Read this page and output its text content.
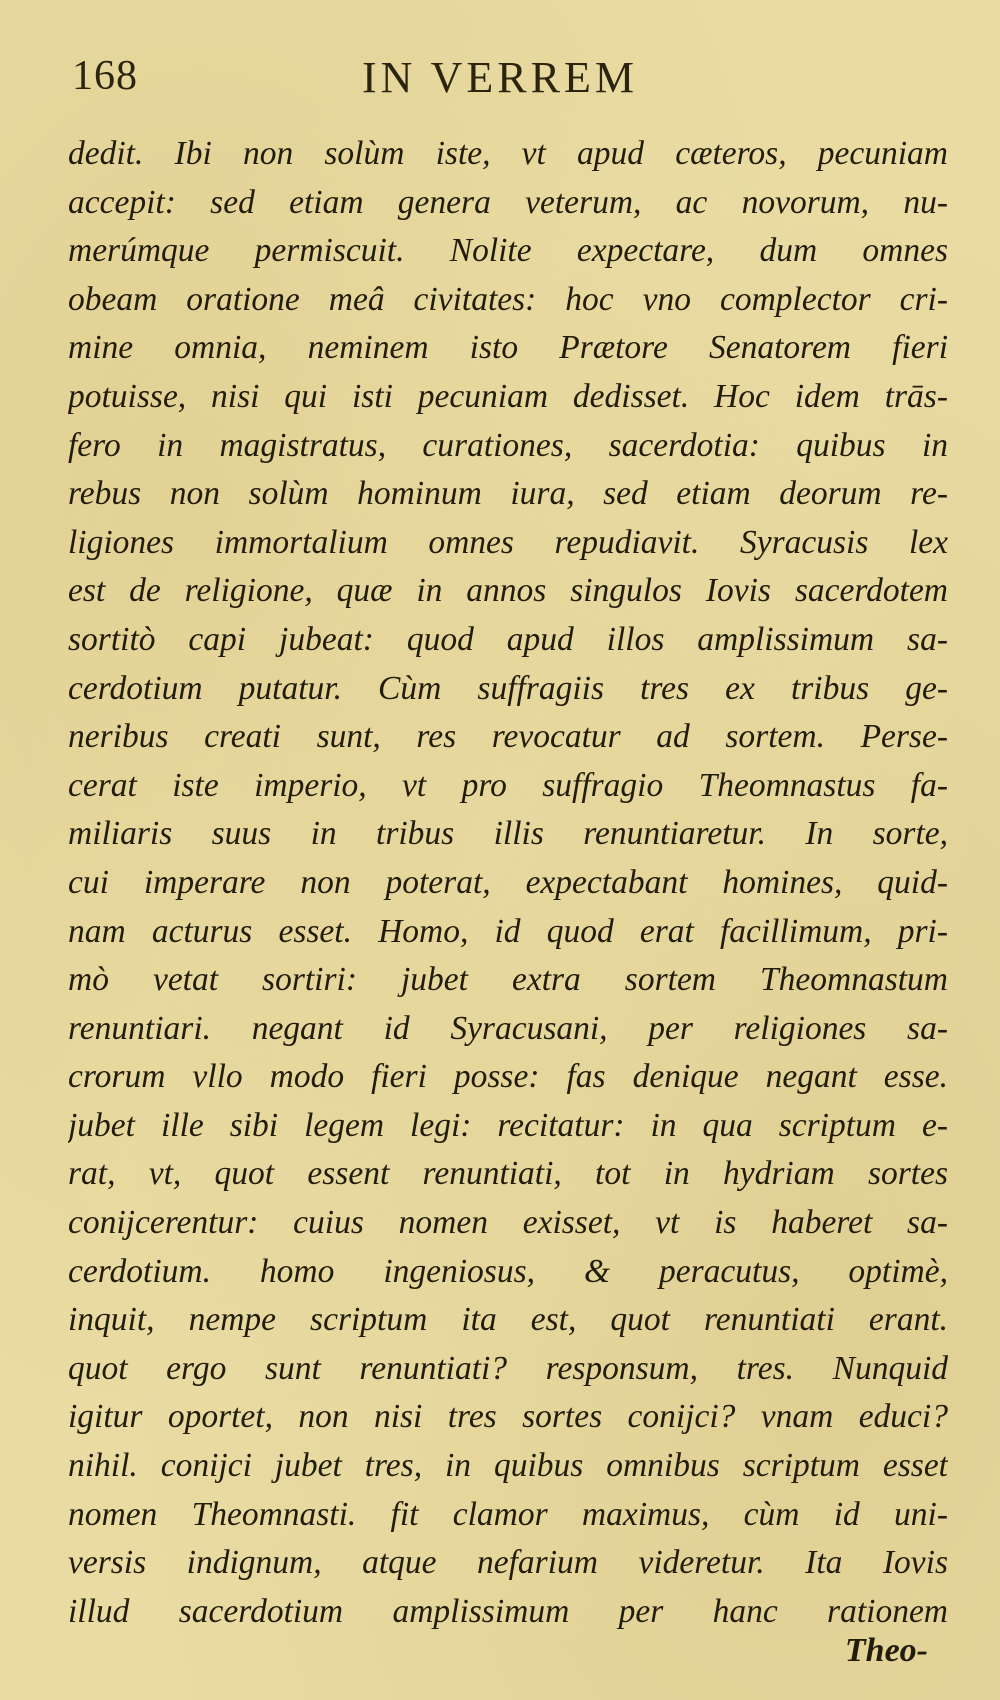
168	IN VERREM
dedit. Ibi non solùm iste, vt apud cæteros, pecuniam
accepit: sed etiam genera veterum, ac novorum, nu-
merúmque permiscuit. Nolite expectare, dum omnes
obeam oratione meâ civitates: hoc vno complector cri-
mine omnia, neminem isto Prætore Senatorem fieri
potuisse, nisi qui isti pecuniam dedisset. Hoc idem trās-
fero in magistratus, curationes, sacerdotia: quibus in
rebus non solùm hominum iura, sed etiam deorum re-
ligiones immortalium omnes repudiavit. Syracusis lex
est de religione, quæ in annos singulos Iovis sacerdotem
sortitò capi jubeat: quod apud illos amplissimum sa-
cerdotium putatur. Cùm suffragiis tres ex tribus ge-
neribus creati sunt, res revocatur ad sortem. Perse-
cerat iste imperio, vt pro suffragio Theomnastus fa-
miliaris suus in tribus illis renuntiaretur. In sorte,
cui imperare non poterat, expectabant homines, quid-
nam acturus esset. Homo, id quod erat facillimum, pri-
mò vetat sortiri: jubet extra sortem Theomnastum
renuntiari. negant id Syracusani, per religiones sa-
crorum vllo modo fieri posse: fas denique negant esse.
jubet ille sibi legem legi: recitatur: in qua scriptum e-
rat, vt, quot essent renuntiati, tot in hydriam sortes
conijcerentur: cuius nomen exisset, vt is haberet sa-
cerdotium. homo ingeniosus, & peracutus, optimè,
inquit, nempe scriptum ita est, quot renuntiati erant.
quot ergo sunt renuntiati? responsum, tres. Nunquid
igitur oportet, non nisi tres sortes conijci? vnam educi?
nihil. conijci jubet tres, in quibus omnibus scriptum esset
nomen Theomnasti. fit clamor maximus, cùm id uni-
versis indignum, atque nefarium videretur. Ita Iovis
illud sacerdotium amplissimum per hanc rationem
Theo-
